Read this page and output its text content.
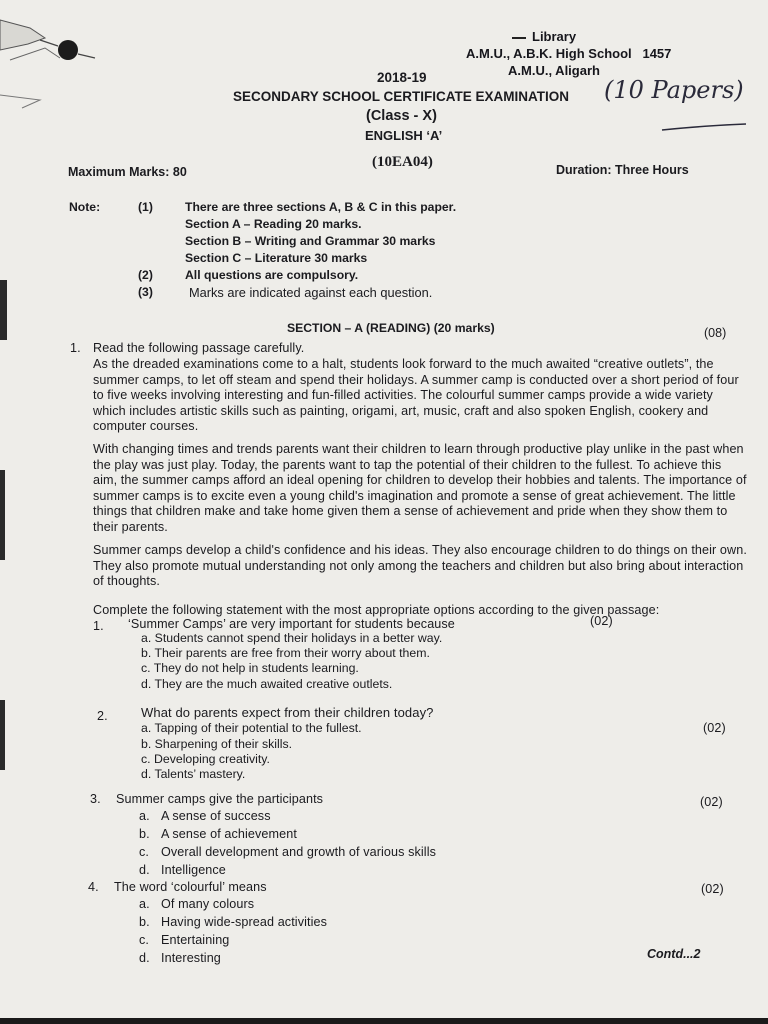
Library
A.M.U., A.B.K. High School 1457
A.M.U., Aligarh
(10 Papers)
2018-19
SECONDARY SCHOOL CERTIFICATE EXAMINATION
(Class - X)
ENGLISH ‘A’
(10EA04)
Maximum Marks: 80	Duration: Three Hours
Note:	(1)	There are three sections A, B & C in this paper.
Section A – Reading 20 marks.
Section B – Writing and Grammar 30 marks
Section C – Literature 30 marks
(2)	All questions are compulsory.
(3)	Marks are indicated against each question.
SECTION – A (READING) (20 marks)	(08)
1. Read the following passage carefully.
As the dreaded examinations come to a halt, students look forward to the much awaited “creative outlets”, the summer camps, to let off steam and spend their holidays. A summer camp is conducted over a short period of four to five weeks involving interesting and fun-filled activities. The colourful summer camps provide a wide variety which includes artistic skills such as painting, origami, art, music, craft and also spoken English, cookery and computer courses.
With changing times and trends parents want their children to learn through productive play unlike in the past when the play was just play. Today, the parents want to tap the potential of their children to the fullest. To achieve this aim, the summer camps afford an ideal opening for children to develop their hobbies and talents. The importance of summer camps is to excite even a young child's imagination and promote a sense of great achievement. The little things that children make and take home given them a sense of achievement and pride when they show them to their parents.
Summer camps develop a child's confidence and his ideas. They also encourage children to do things on their own. They also promote mutual understanding not only among the teachers and children but also bring about interaction of thoughts.
Complete the following statement with the most appropriate options according to the given passage:
1. ‘Summer Camps’ are very important for students because	(02)
a. Students cannot spend their holidays in a better way.
b. Their parents are free from their worry about them.
c. They do not help in students learning.
d. They are the much awaited creative outlets.
2.	What do parents expect from their children today?
(02)
a. Tapping of their potential to the fullest.
b. Sharpening of their skills.
c. Developing creativity.
d. Talents’ mastery.
3. Summer camps give the participants	(02)
a. A sense of success
b. A sense of achievement
c. Overall development and growth of various skills
d. Intelligence
4. The word ‘colourful’ means	(02)
a. Of many colours
b. Having wide-spread activities
c. Entertaining
d. Interesting	Contd...2
